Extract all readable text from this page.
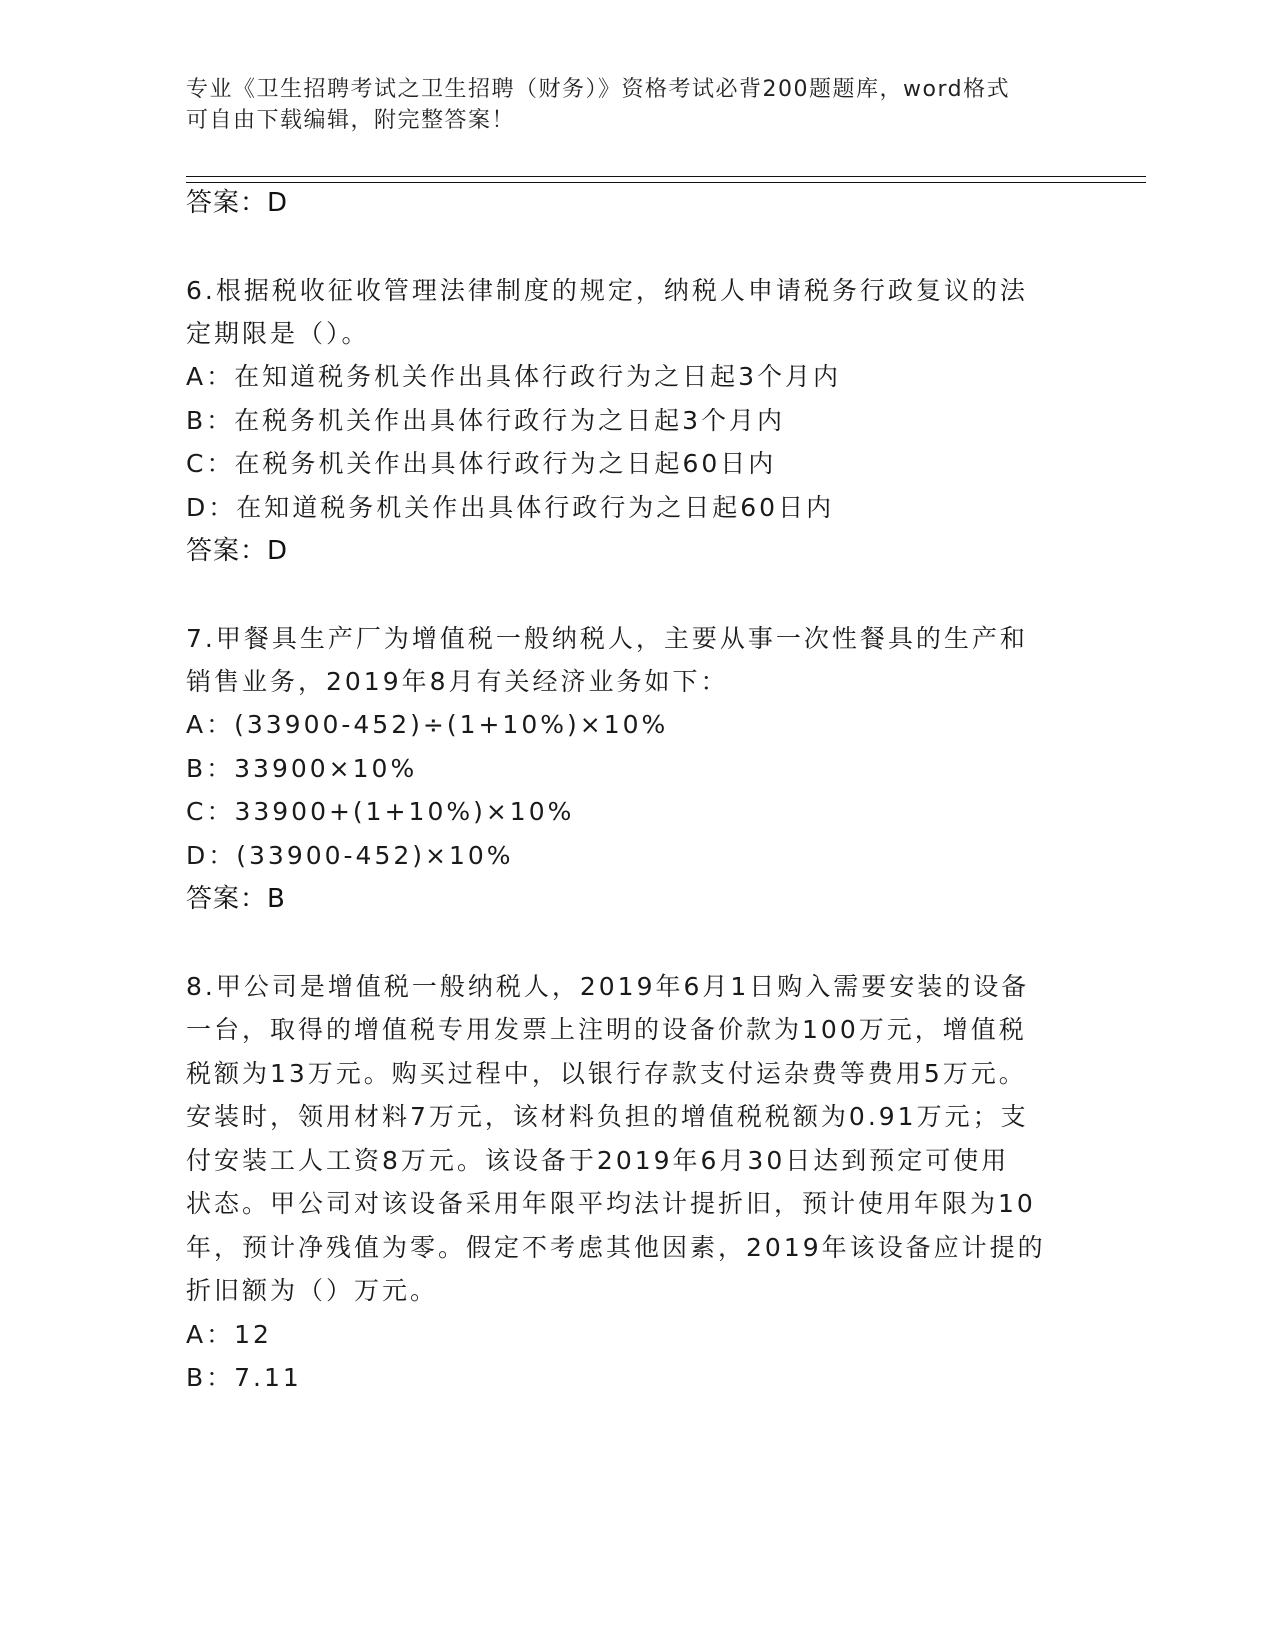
专业《卫生招聘考试之卫生招聘（财务）》资格考试必背200题题库，word格式
可自由下载编辑，附完整答案！
答案：D
6.根据税收征收管理法律制度的规定，纳税人申请税务行政复议的法
定期限是（）。
A：在知道税务机关作出具体行政行为之日起3个月内
B：在税务机关作出具体行政行为之日起3个月内
C：在税务机关作出具体行政行为之日起60日内
D：在知道税务机关作出具体行政行为之日起60日内
答案：D
7.甲餐具生产厂为增值税一般纳税人，主要从事一次性餐具的生产和
销售业务，2019年8月有关经济业务如下：
A：(33900-452)÷(1+10%)×10%
B：33900×10%
C：33900+(1+10%)×10%
D：(33900-452)×10%
答案：B
8.甲公司是增值税一般纳税人，2019年6月1日购入需要安装的设备
一台，取得的增值税专用发票上注明的设备价款为100万元，增值税
税额为13万元。购买过程中，以银行存款支付运杂费等费用5万元。
安装时，领用材料7万元，该材料负担的增值税税额为0.91万元；支
付安装工人工资8万元。该设备于2019年6月30日达到预定可使用
状态。甲公司对该设备采用年限平均法计提折旧，预计使用年限为10
年，预计净残值为零。假定不考虑其他因素，2019年该设备应计提的
折旧额为（）万元。
A：12
B：7.11
